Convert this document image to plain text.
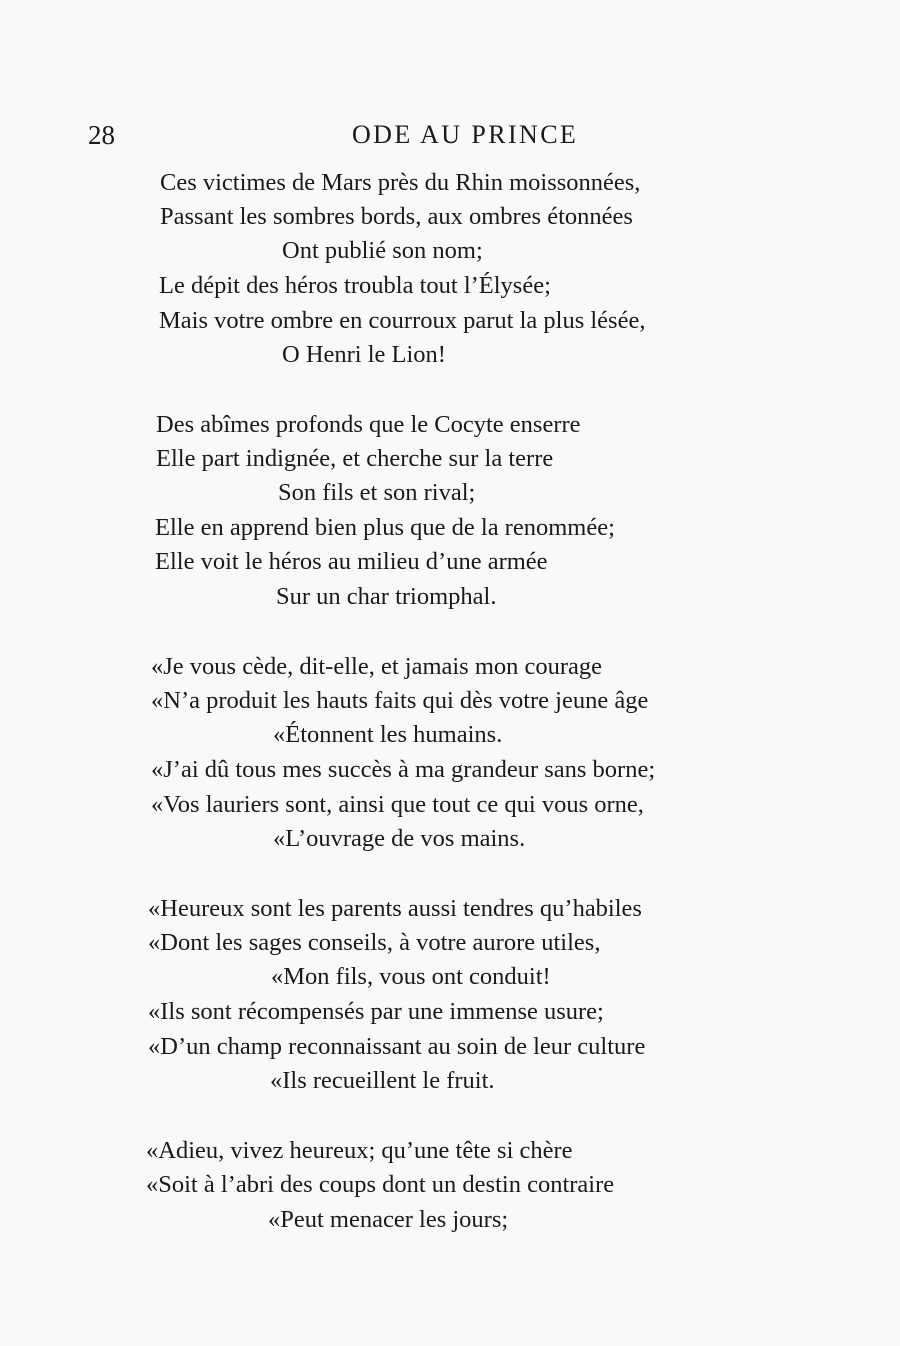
28	ODE AU PRINCE
Ces victimes de Mars près du Rhin moissonnées,
Passant les sombres bords, aux ombres étonnées
Ont publié son nom;
Le dépit des héros troubla tout l’Élysée;
Mais votre ombre en courroux parut la plus lésée,
O Henri le Lion!
Des abîmes profonds que le Cocyte enserre
Elle part indignée, et cherche sur la terre
Son fils et son rival;
Elle en apprend bien plus que de la renommée;
Elle voit le héros au milieu d’une armée
Sur un char triomphal.
«Je vous cède, dit-elle, et jamais mon courage
«N’a produit les hauts faits qui dès votre jeune âge
«Étonnent les humains.
«J’ai dû tous mes succès à ma grandeur sans borne;
«Vos lauriers sont, ainsi que tout ce qui vous orne,
«L’ouvrage de vos mains.
«Heureux sont les parents aussi tendres qu’habiles
«Dont les sages conseils, à votre aurore utiles,
«Mon fils, vous ont conduit!
«Ils sont récompensés par une immense usure;
«D’un champ reconnaissant au soin de leur culture
«Ils recueillent le fruit.
«Adieu, vivez heureux; qu’une tête si chère
«Soit à l’abri des coups dont un destin contraire
«Peut menacer les jours;
